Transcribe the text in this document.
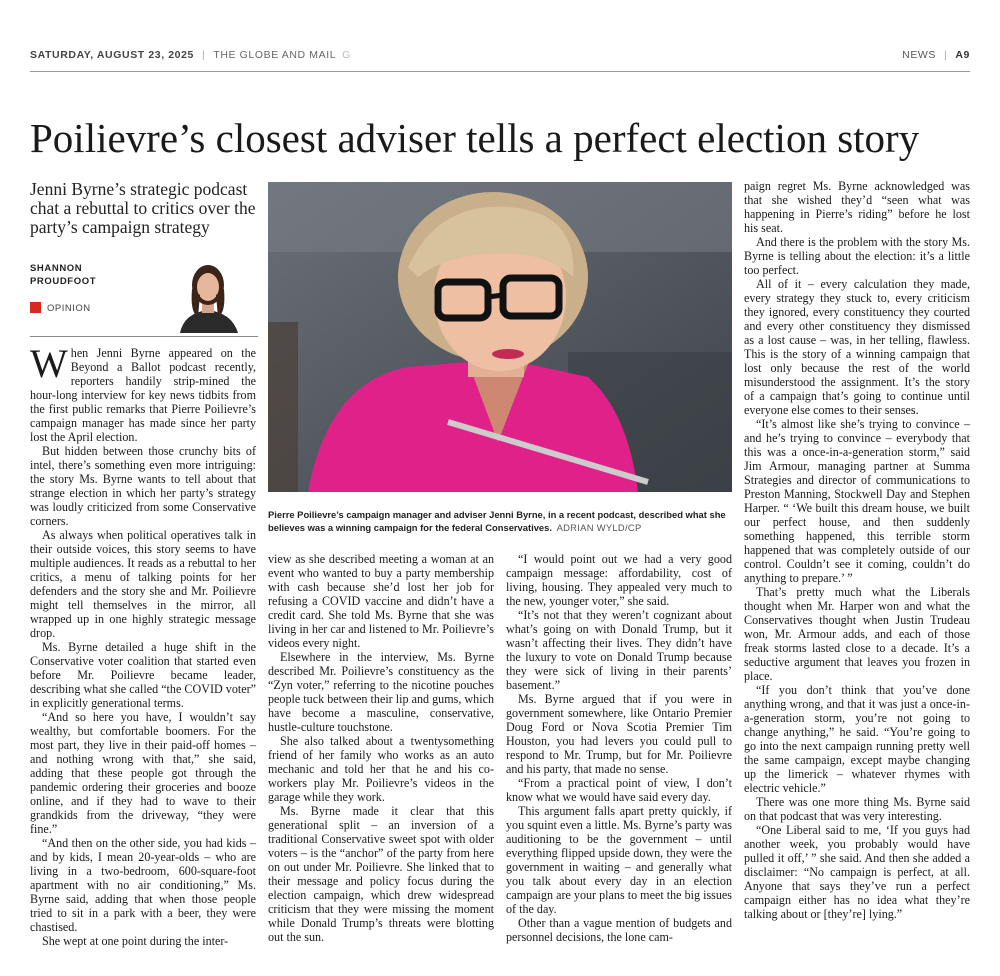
SATURDAY, AUGUST 23, 2025 | THE GLOBE AND MAIL G	NEWS | A9
Poilievre’s closest adviser tells a perfect election story
Jenni Byrne’s strategic podcast chat a rebuttal to critics over the party’s campaign strategy
SHANNON
PROUDFOOT
OPINION
Pierre Poilievre’s campaign manager and adviser Jenni Byrne, in a recent podcast, described what she believes was a winning campaign for the federal Conservatives. ADRIAN WYLD/CP

When Jenni Byrne appeared on the Beyond a Ballot podcast recently, reporters handily strip-mined the hour-long interview for key news tidbits from the first public remarks that Pierre Poilievre’s campaign manager has made since her party lost the April election.

But hidden between those crunchy bits of intel, there’s something even more intriguing: the story Ms. Byrne wants to tell about that strange election in which her party’s strategy was loudly criticized from some Conservative corners.

As always when political operatives talk in their outside voices, this story seems to have multiple audiences. It reads as a rebuttal to her critics, a menu of talking points for her defenders and the story she and Mr. Poilievre might tell themselves in the mirror, all wrapped up in one highly strategic message drop.

Ms. Byrne detailed a huge shift in the Conservative voter coalition that started even before Mr. Poilievre became leader, describing what she called “the COVID voter” in explicitly generational terms.

“And so here you have, I wouldn’t say wealthy, but comfortable boomers. For the most part, they live in their paid-off homes – and nothing wrong with that,” she said, adding that these people got through the pandemic ordering their groceries and booze online, and if they had to wave to their grandkids from the driveway, “they were fine.”

“And then on the other side, you had kids – and by kids, I mean 20-year-olds – who are living in a two-bedroom, 600-square-foot apartment with no air conditioning,” Ms. Byrne said, adding that when those people tried to sit in a park with a beer, they were chastised.

She wept at one point during the inter-

view as she described meeting a woman at an event who wanted to buy a party membership with cash because she’d lost her job for refusing a COVID vaccine and didn’t have a credit card. She told Ms. Byrne that she was living in her car and listened to Mr. Poilievre’s videos every night.

Elsewhere in the interview, Ms. Byrne described Mr. Poilievre’s constituency as the “Zyn voter,” referring to the nicotine pouches people tuck between their lip and gums, which have become a masculine, conservative, hustle-culture touchstone.

She also talked about a twentysomething friend of her family who works as an auto mechanic and told her that he and his co-workers play Mr. Poilievre’s videos in the garage while they work.

Ms. Byrne made it clear that this generational split – an inversion of a traditional Conservative sweet spot with older voters – is the “anchor” of the party from here on out under Mr. Poilievre. She linked that to their message and policy focus during the election campaign, which drew widespread criticism that they were missing the moment while Donald Trump’s threats were blotting out the sun.

“I would point out we had a very good campaign message: affordability, cost of living, housing. They appealed very much to the new, younger voter,” she said.

“It’s not that they weren’t cognizant about what’s going on with Donald Trump, but it wasn’t affecting their lives. They didn’t have the luxury to vote on Donald Trump because they were sick of living in their parents’ basement.”

Ms. Byrne argued that if you were in government somewhere, like Ontario Premier Doug Ford or Nova Scotia Premier Tim Houston, you had levers you could pull to respond to Mr. Trump, but for Mr. Poilievre and his party, that made no sense.

“From a practical point of view, I don’t know what we would have said every day.

This argument falls apart pretty quickly, if you squint even a little. Ms. Byrne’s party was auditioning to be the government – until everything flipped upside down, they were the government in waiting – and generally what you talk about every day in an election campaign are your plans to meet the big issues of the day.

Other than a vague mention of budgets and personnel decisions, the lone cam-

paign regret Ms. Byrne acknowledged was that she wished they’d “seen what was happening in Pierre’s riding” before he lost his seat.

And there is the problem with the story Ms. Byrne is telling about the election: it’s a little too perfect.

All of it – every calculation they made, every strategy they stuck to, every criticism they ignored, every constituency they courted and every other constituency they dismissed as a lost cause – was, in her telling, flawless. This is the story of a winning campaign that lost only because the rest of the world misunderstood the assignment. It’s the story of a campaign that’s going to continue until everyone else comes to their senses.

“It’s almost like she’s trying to convince – and he’s trying to convince – everybody that this was a once-in-a-generation storm,” said Jim Armour, managing partner at Summa Strategies and director of communications to Preston Manning, Stockwell Day and Stephen Harper. “ ‘We built this dream house, we built our perfect house, and then suddenly something happened, this terrible storm happened that was completely outside of our control. Couldn’t see it coming, couldn’t do anything to prepare.’ ”

That’s pretty much what the Liberals thought when Mr. Harper won and what the Conservatives thought when Justin Trudeau won, Mr. Armour adds, and each of those freak storms lasted close to a decade. It’s a seductive argument that leaves you frozen in place.

“If you don’t think that you’ve done anything wrong, and that it was just a once-in-a-generation storm, you’re not going to change anything,” he said. “You’re going to go into the next campaign running pretty well the same campaign, except maybe changing up the limerick – whatever rhymes with electric vehicle.”

There was one more thing Ms. Byrne said on that podcast that was very interesting.

“One Liberal said to me, ‘If you guys had another week, you probably would have pulled it off,’ ” she said. And then she added a disclaimer: “No campaign is perfect, at all. Anyone that says they’ve run a perfect campaign either has no idea what they’re talking about or [they’re] lying.”
